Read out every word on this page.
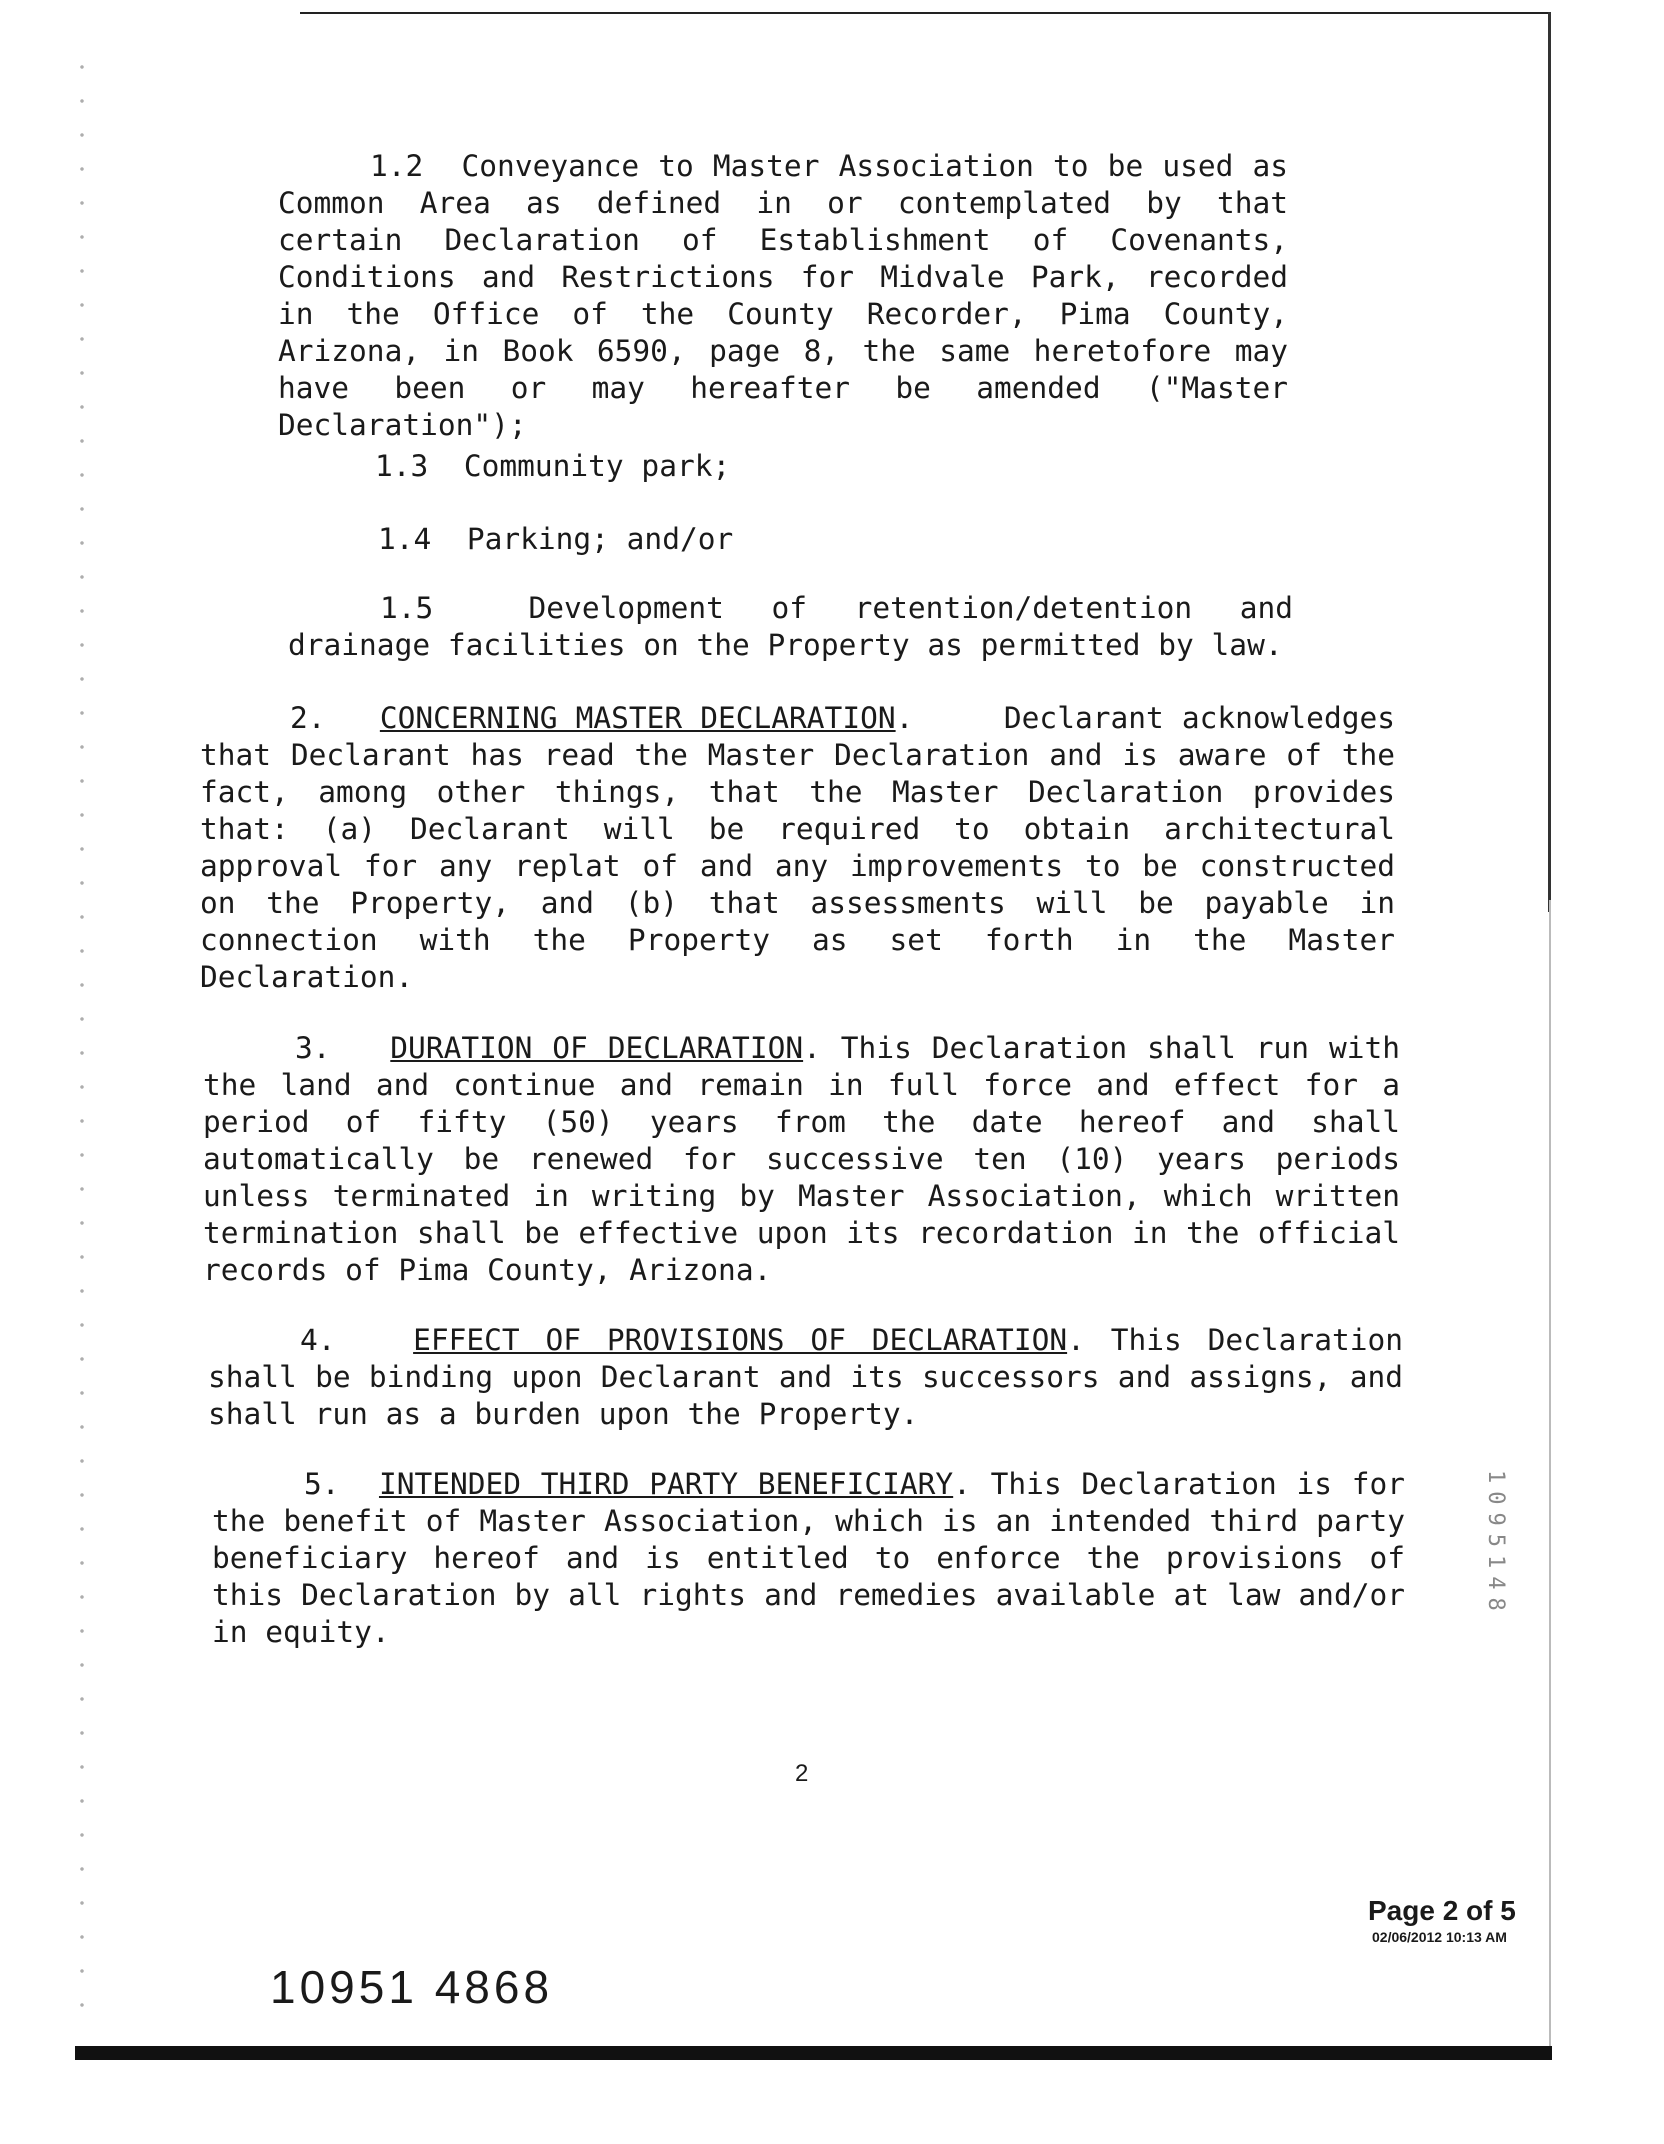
1095148

1.2 Conveyance to Master Association to be used as Common Area as defined in or contemplated by that certain Declaration of Establishment of Covenants, Conditions and Restrictions for Midvale Park, recorded in the Office of the County Recorder, Pima County, Arizona, in Book 6590, page 8, the same heretofore may have been or may hereafter be amended ("Master Declaration");

1.3 Community park;

1.4 Parking; and/or

1.5	Development of retention/detention and drainage facilities on the Property as permitted by law.

2. CONCERNING MASTER DECLARATION.     Declarant acknowledges that Declarant has read the Master Declaration and is aware of the fact, among other things, that the Master Declaration provides that: (a) Declarant will be required to obtain architectural approval for any replat of and any improvements to be constructed on the Property, and (b) that assessments will be payable in connection with the Property as set forth in the Master Declaration.

3. DURATION OF DECLARATION. This Declaration shall run with the land and continue and remain in full force and effect for a period of fifty (50) years from the date hereof and shall automatically be renewed for successive ten (10) years periods unless terminated in writing by Master Association, which written termination shall be effective upon its recordation in the official records of Pima County, Arizona.

4.	EFFECT OF PROVISIONS OF DECLARATION. This Declaration shall be binding upon Declarant and its successors and assigns, and shall run as a burden upon the Property.

5. INTENDED THIRD PARTY BENEFICIARY. This Declaration is for the benefit of Master Association, which is an intended third party beneficiary hereof and is entitled to enforce the provisions of this Declaration by all rights and remedies available at law and/or in equity.

2
Page 2 of 5
02/06/2012 10:13 AM
10951 4868
